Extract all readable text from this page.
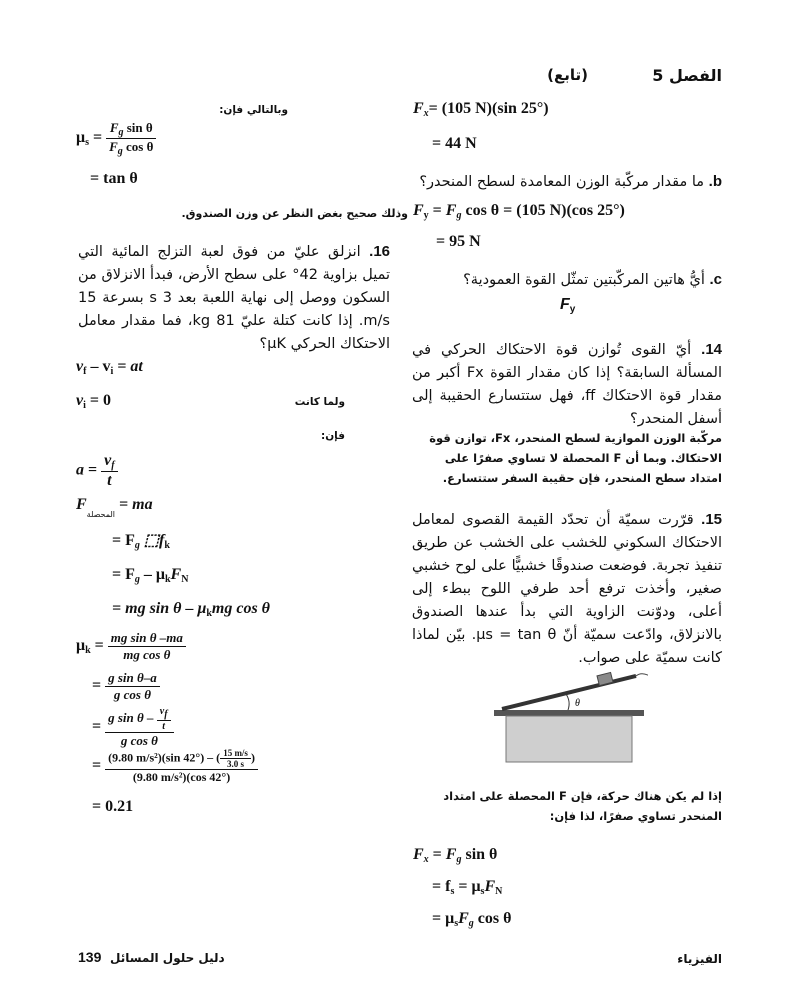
الفصل 5
(تابع)
$F_x= (105$ N)(sin 25°)
= 44 N
b. ما مقدار مركّبة الوزن المعامدة لسطح المنحدر؟
$F_y = F_g$ cos θ = (105 N)(cos 25°)
= 95 N
c. أيُّ هاتين المركّبتين تمثّل القوة العمودية؟
$F_y$
14. أيّ القوى تُوازن قوة الاحتكاك الحركي في المسألة السابقة؟ إذا كان مقدار القوة Fx أكبر من مقدار قوة الاحتكاك ff، فهل ستتسارع الحقيبة إلى أسفل المنحدر؟
مركّبة الوزن الموازية لسطح المنحدر، Fx، توازن قوة الاحتكاك. وبما أن F المحصلة لا تساوي صفرًا على امتداد سطح المنحدر، فإن حقيبة السفر ستتسارع.
15. قرّرت سميّة أن تحدّد القيمة القصوى لمعامل الاحتكاك السكوني للخشب على الخشب عن طريق تنفيذ تجربة. فوضعت صندوقًا خشبيًّا على لوح خشبي صغير، وأخذت ترفع أحد طرفي اللوح ببطء إلى أعلى، ودوّنت الزاوية التي بدأ عندها الصندوق بالانزلاق، وادّعت سميّة أنّ μs = tan θ. بيّن لماذا كانت سميّة على صواب.
θ
إذا لم يكن هناك حركة، فإن F المحصلة على امتداد المنحدر تساوي صفرًا، لذا فإن:
$F_x = F_g$ sin θ
= $f_s = \mu_sF_N$
= $\mu_sF_g$ cos θ
وبالتالي فإن:
$\mu_s = \frac{F_g \sin \theta}{F_g \cos \theta}$
= tan θ
وذلك صحيح بغض النظر عن وزن الصندوق.
16. انزلق عليّ من فوق لعبة التزلج المائية التي تميل بزاوية 42° على سطح الأرض، فبدأ الانزلاق من السكون ووصل إلى نهاية اللعبة بعد 3 s بسرعة 15 m/s. إذا كانت كتلة عليّ 81 kg، فما مقدار معامل الاحتكاك الحركي μK؟
$v_f - v_i$ = at
$v_i = 0$	ولما كانت
فإن:
$a = \frac{v_f}{t}$
$F_{المحصلة}$ = ma
= $F_g$ $⬚f_k$
= $F_g - \mu_kF_N$
= mg sin θ – $\mu_kmg$ cos θ
$\mu_k = \frac{\text{mg sin θ –ma}}{\text{mg cos θ}}$
= $\frac{\text{g sin θ–a}}{\text{g cos θ}}$
= $\frac{g \sin \theta - \frac{vf}{t}}{\text{g cos θ}}$
= $\frac{(9.80 m/s^2)(\sin 42^\circ) - ( \frac{15 m/s}{3.0 s} )}{\text{(9.80 m/s²)(cos 42°)}}$
= 0.21
الفيزياء
دليل حلول المسائل
139
